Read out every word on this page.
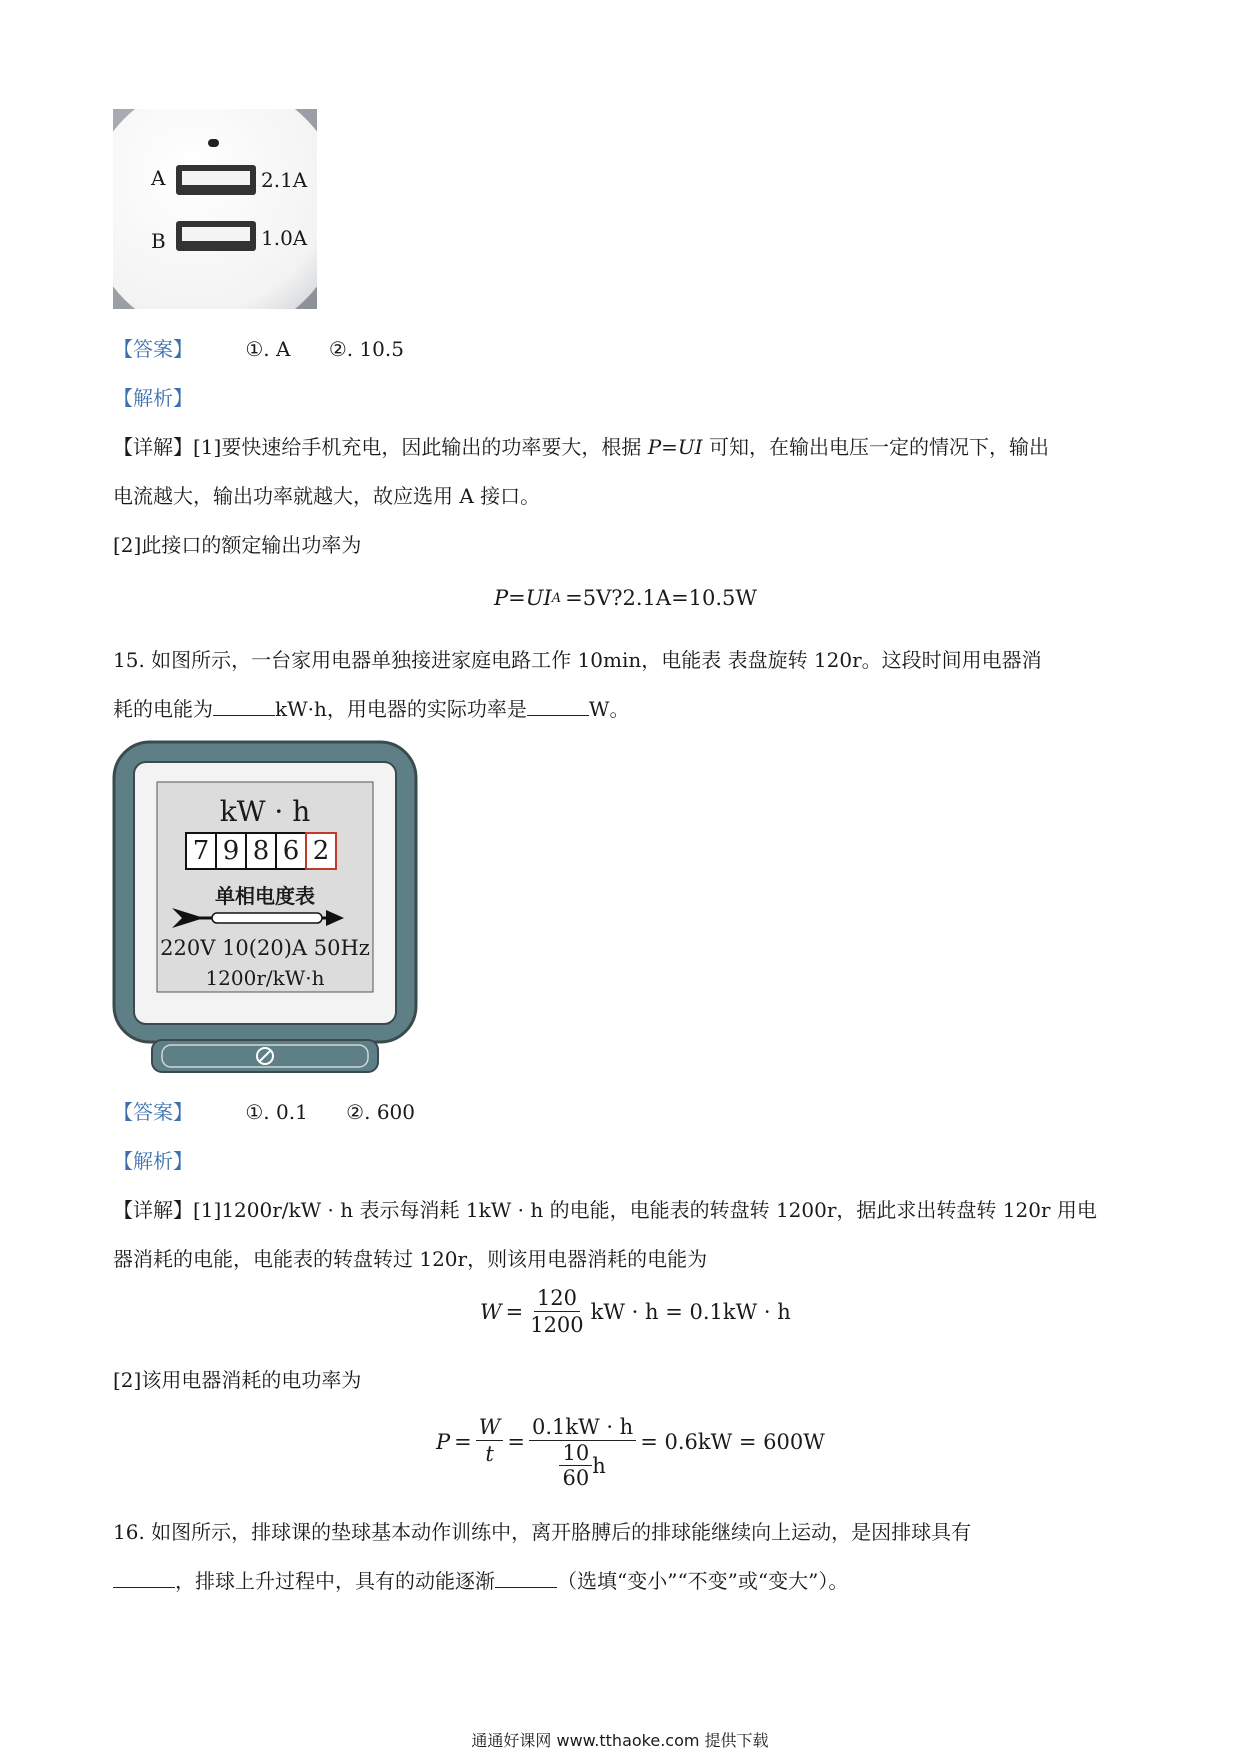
A	2.1A
B	1.0A
【答案】	①. A ②. 10.5
【解析】
【详解】[1]要快速给手机充电，因此输出的功率要大，根据 P=UI 可知，在输出电压一定的情况下，输出
电流越大，输出功率就越大，故应选用 A 接口。
[2]此接口的额定输出功率为
P=UI A =5V?2.1A=10.5W
15. 如图所示，一台家用电器单独接进家庭电路工作 10min，电能表 表盘旋转 120r。这段时间用电器消
耗的电能为	kW·h，用电器的实际功率是	W。
kW · h
7 9 8 6 2
单相电度表
220V 10(20)A 50Hz
1200r/kW·h
【答案】	①. 0.1 ②. 600
【解析】
【详解】[1]1200r/kW · h 表示每消耗 1kW · h 的电能，电能表的转盘转 1200r，据此求出转盘转 120r 用电
器消耗的电能，电能表的转盘转过 120r，则该用电器消耗的电能为
$W = \frac{120}{1200}$ kW · h = 0.1kW · h
[2]该用电器消耗的电功率为
$P = \frac{W}{t} = \frac{0.1kW \cdot h}{\frac{10}{60} h} = 0.6kW = 600W$
16. 如图所示，排球课的垫球基本动作训练中，离开胳膊后的排球能继续向上运动，是因排球具有
，排球上升过程中，具有的动能逐渐	（选填“变小”“不变”或“变大”）。
通通好课网 www.tthaoke.com 提供下载
